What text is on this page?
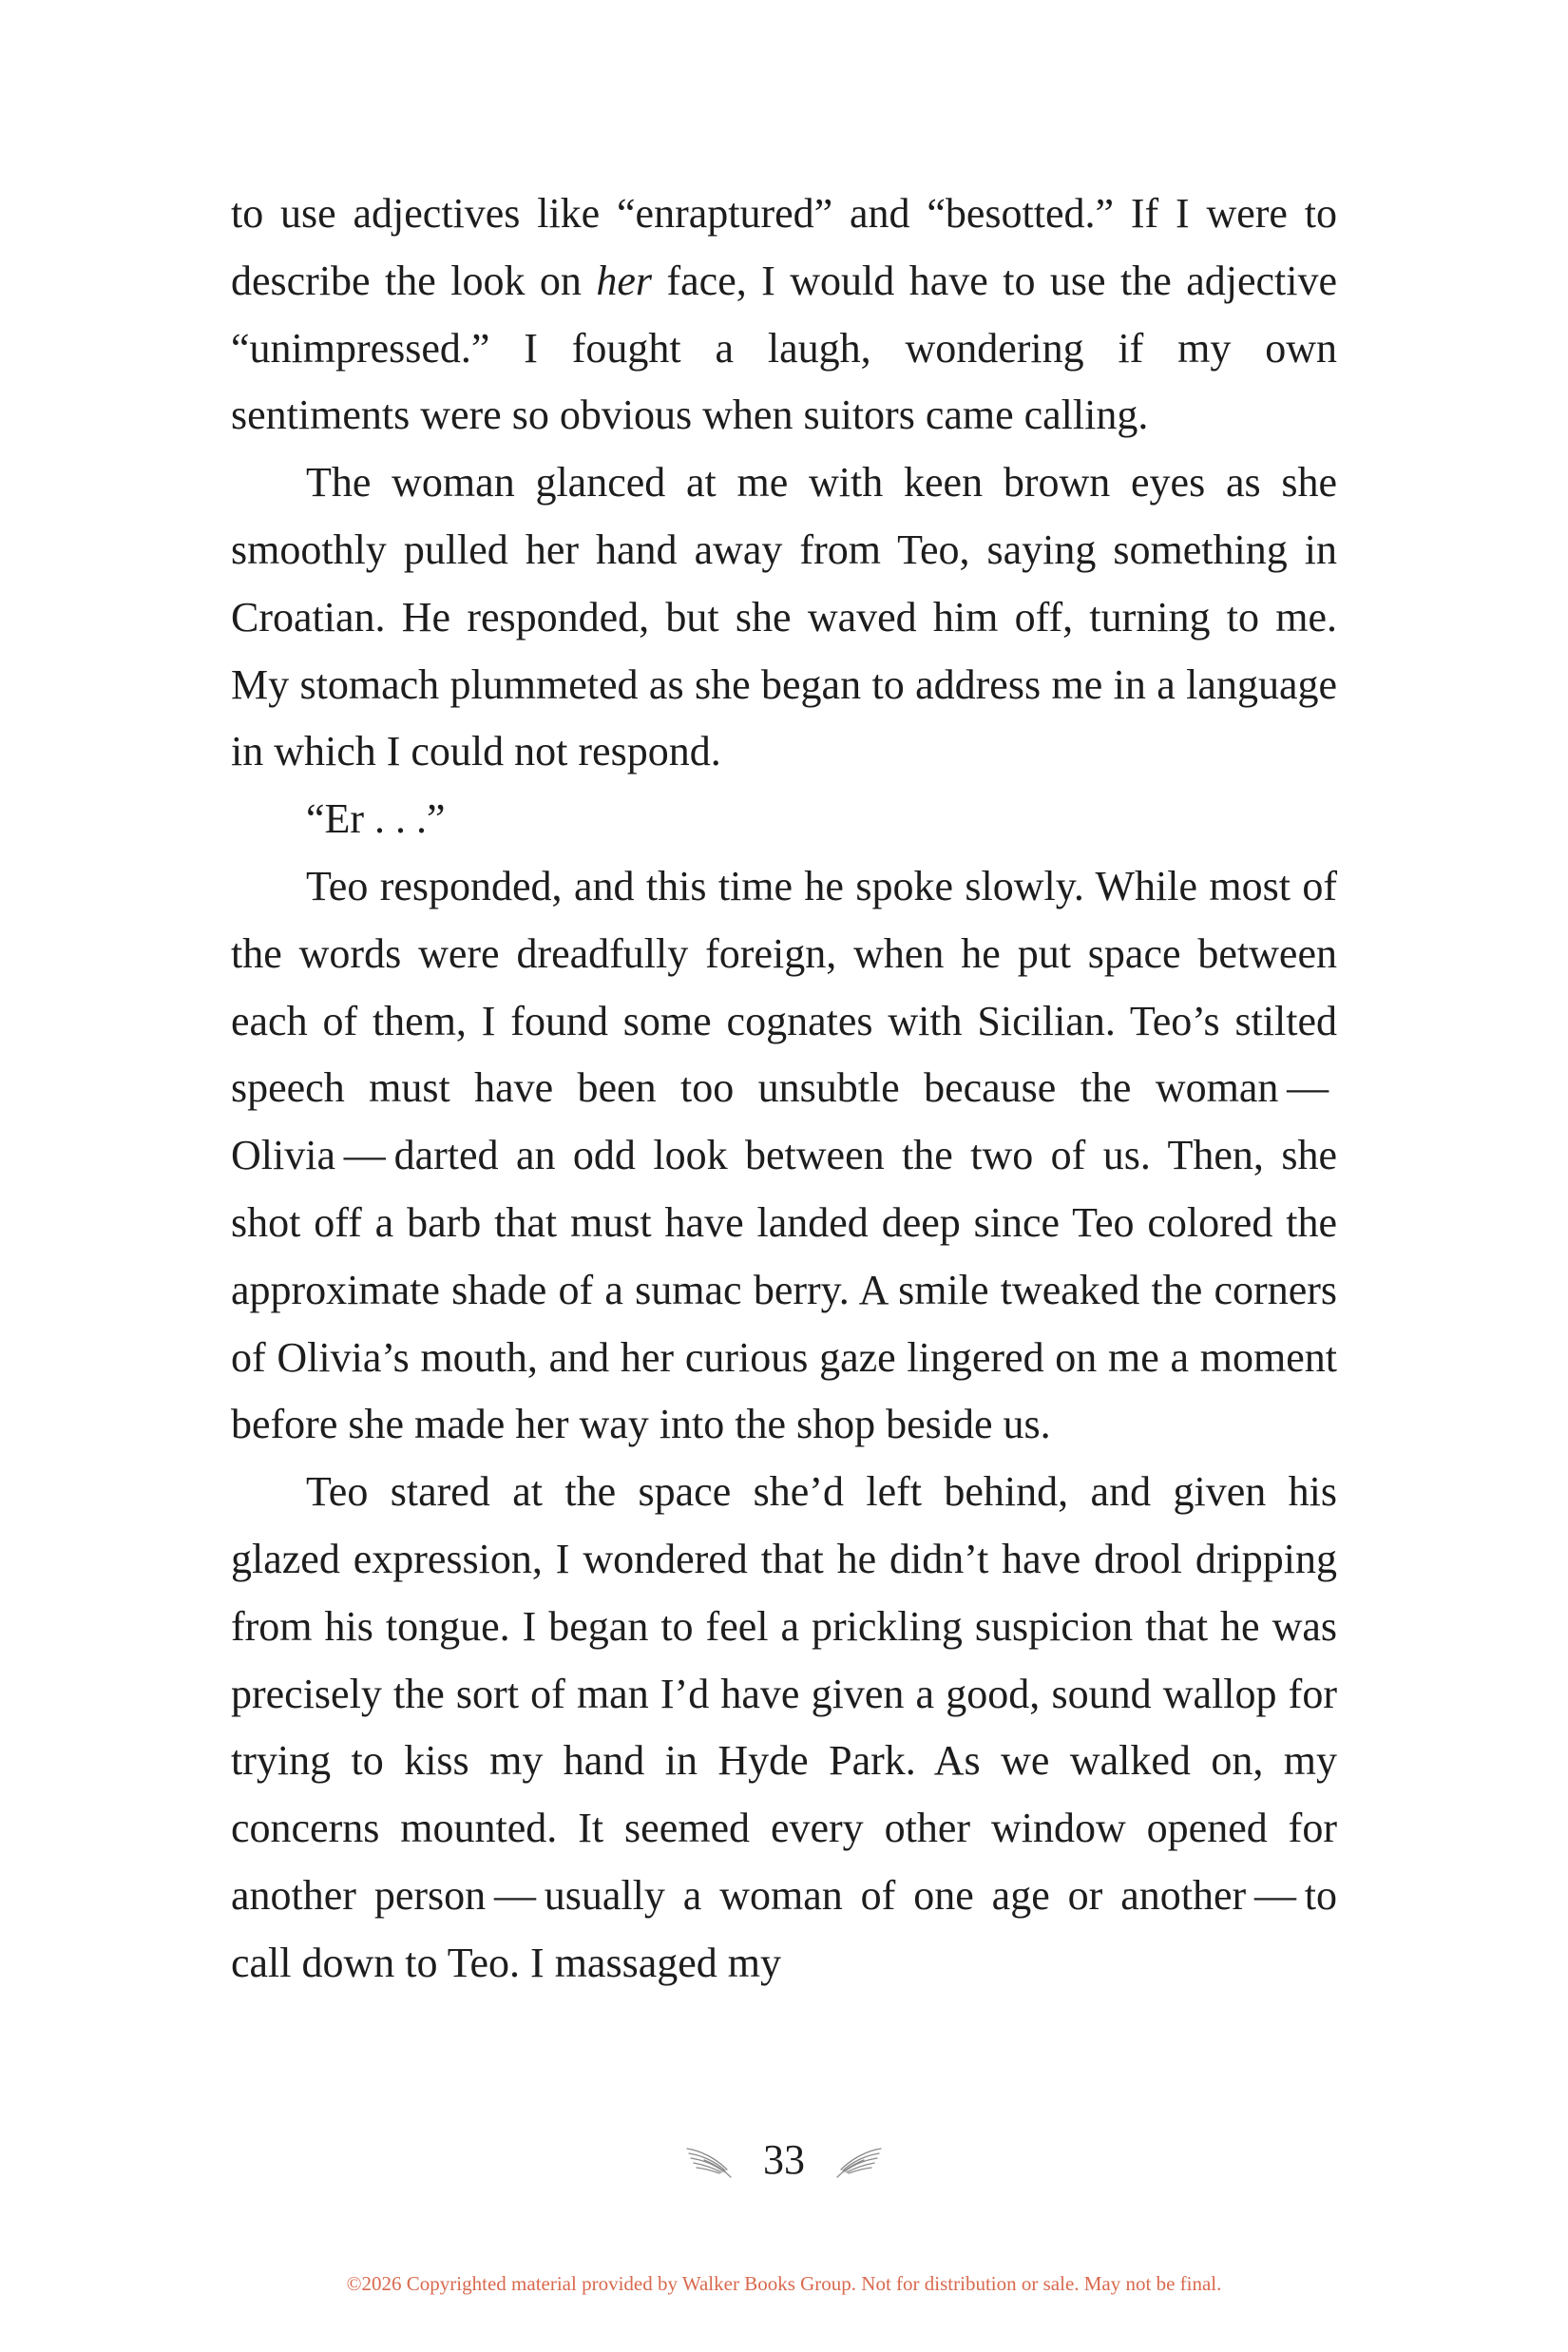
to use adjectives like “enraptured” and “besotted.” If I were to describe the look on her face, I would have to use the adjective “unimpressed.” I fought a laugh, wondering if my own sentiments were so obvious when suitors came calling.

The woman glanced at me with keen brown eyes as she smoothly pulled her hand away from Teo, saying something in Croatian. He responded, but she waved him off, turning to me. My stomach plummeted as she began to address me in a language in which I could not respond.

“Er . . .”

Teo responded, and this time he spoke slowly. While most of the words were dreadfully foreign, when he put space between each of them, I found some cognates with Sicilian. Teo’s stilted speech must have been too unsubtle because the woman — Olivia — darted an odd look between the two of us. Then, she shot off a barb that must have landed deep since Teo colored the approximate shade of a sumac berry. A smile tweaked the corners of Olivia’s mouth, and her curious gaze lingered on me a moment before she made her way into the shop beside us.

Teo stared at the space she’d left behind, and given his glazed expression, I wondered that he didn’t have drool dripping from his tongue. I began to feel a prickling suspicion that he was precisely the sort of man I’d have given a good, sound wallop for trying to kiss my hand in Hyde Park. As we walked on, my concerns mounted. It seemed every other window opened for another person — usually a woman of one age or another — to call down to Teo. I massaged my

33
©2026 Copyrighted material provided by Walker Books Group. Not for distribution or sale. May not be final.
